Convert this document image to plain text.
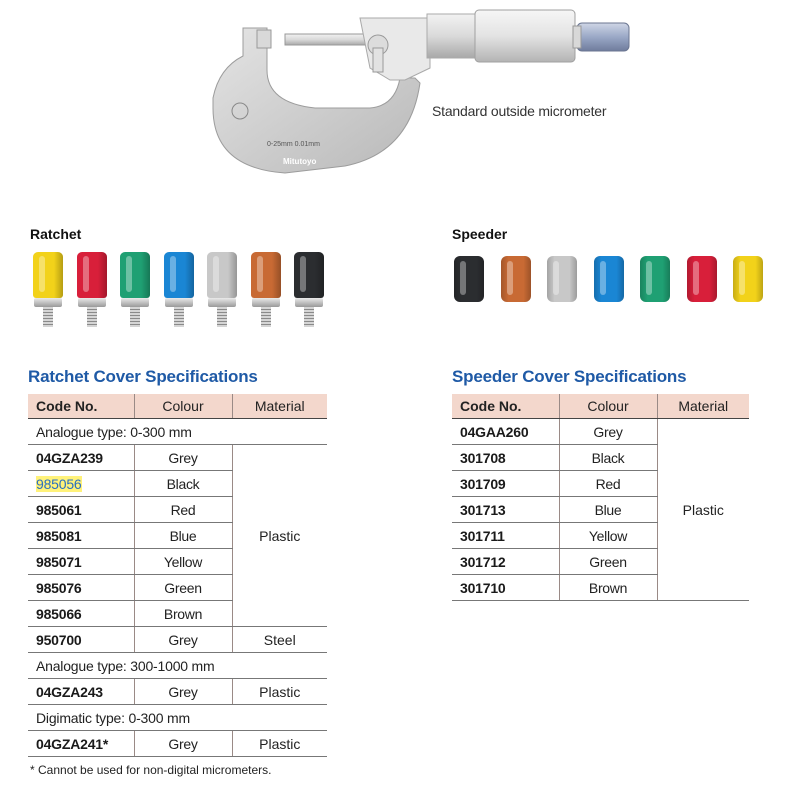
0-25mm 0.01mm
Mitutoyo
Standard outside micrometer
Ratchet	Speeder
Ratchet Cover Specifications
Code No.	Colour	Material
Analogue type: 0-300 mm		
04GZA239	Grey	Plastic
985056	Black	
985061	Red	
985081	Blue	
985071	Yellow	
985076	Green	
985066	Brown	
950700	Grey	Steel
Analogue type: 300-1000 mm		
04GZA243	Grey	Plastic
Digimatic type: 0-300 mm		
04GZA241*	Grey	Plastic
* Cannot be used for non-digital micrometers.
Speeder Cover Specifications
Code No.	Colour	Material
04GAA260	Grey	Plastic
301708	Black	
301709	Red	
301713	Blue	
301711	Yellow	
301712	Green	
301710	Brown	
